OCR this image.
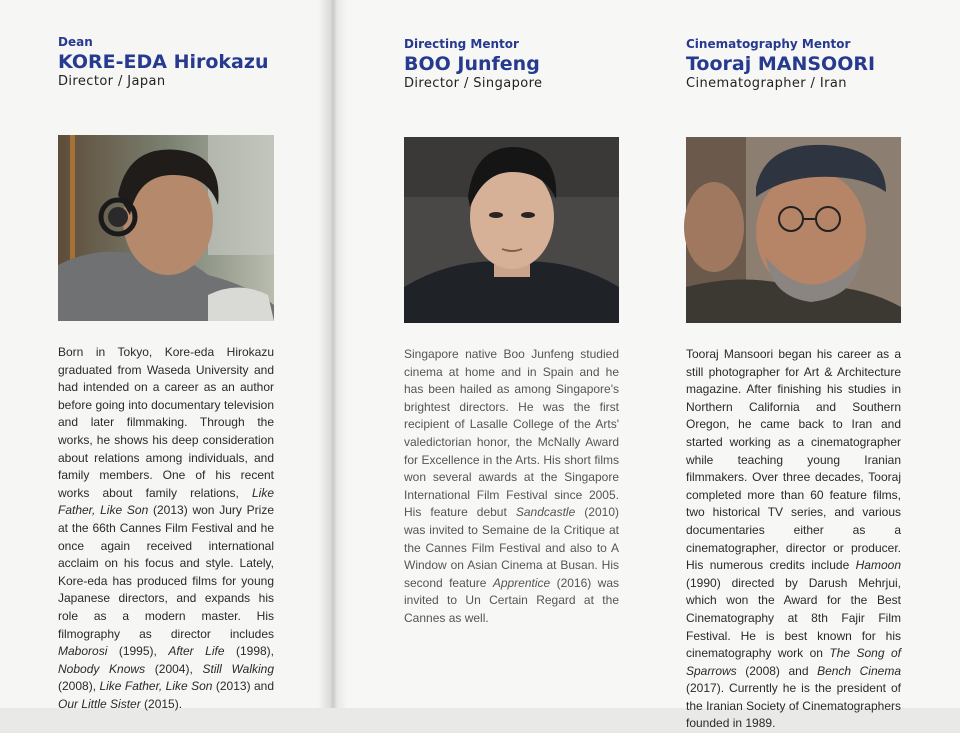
Dean
KORE-EDA Hirokazu
Director / Japan
Born in Tokyo, Kore-eda Hirokazu graduated from Waseda University and had intended on a career as an author before going into documentary television and later filmmaking. Through the works, he shows his deep consideration about relations among individuals, and family members. One of his recent works about family relations, Like Father, Like Son (2013) won Jury Prize at the 66th Cannes Film Festival and he once again received international acclaim on his focus and style. Lately, Kore-eda has produced films for young Japanese directors, and expands his role as a modern master. His filmography as director includes Maborosi (1995), After Life (1998), Nobody Knows (2004), Still Walking (2008), Like Father, Like Son (2013) and Our Little Sister (2015).
Directing Mentor
BOO Junfeng
Director / Singapore
Singapore native Boo Junfeng studied cinema at home and in Spain and he has been hailed as among Singapore's brightest directors. He was the first recipient of Lasalle College of the Arts' valedictorian honor, the McNally Award for Excellence in the Arts. His short films won several awards at the Singapore International Film Festival since 2005. His feature debut Sandcastle (2010) was invited to Semaine de la Critique at the Cannes Film Festival and also to A Window on Asian Cinema at Busan. His second feature Apprentice (2016) was invited to Un Certain Regard at the Cannes as well.
Cinematography Mentor
Tooraj MANSOORI
Cinematographer / Iran
Tooraj Mansoori began his career as a still photographer for Art & Architecture magazine. After finishing his studies in Northern California and Southern Oregon, he came back to Iran and started working as a cinematographer while teaching young Iranian filmmakers. Over three decades, Tooraj completed more than 60 feature films, two historical TV series, and various documentaries either as a cinematographer, director or producer. His numerous credits include Hamoon (1990) directed by Darush Mehrjui, which won the Award for the Best Cinematography at 8th Fajir Film Festival. He is best known for his cinematography work on The Song of Sparrows (2008) and Bench Cinema (2017). Currently he is the president of the Iranian Society of Cinematographers founded in 1989.
